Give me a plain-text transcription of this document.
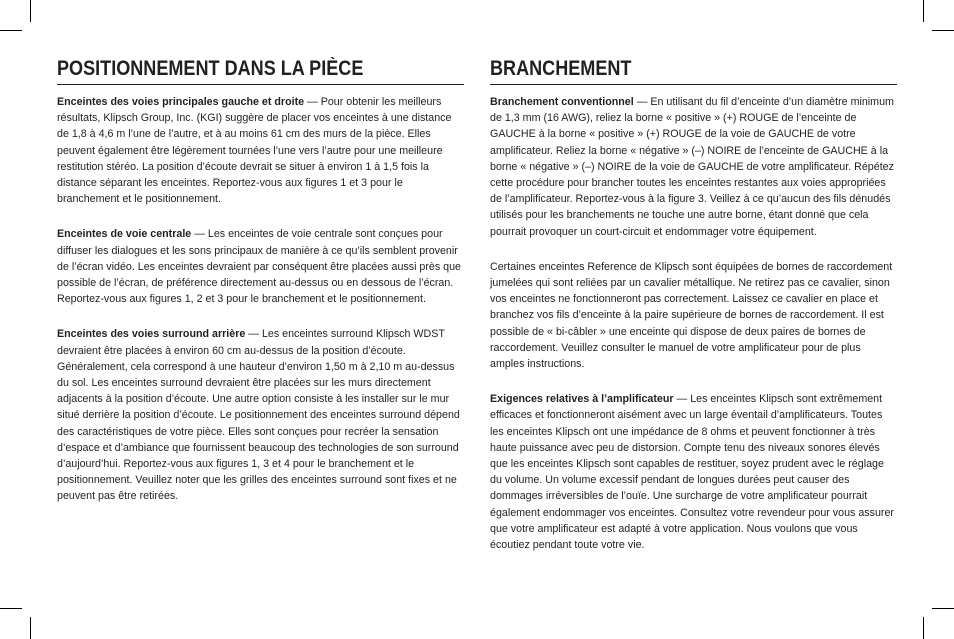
POSITIONNEMENT DANS LA PIÈCE

Enceintes des voies principales gauche et droite — Pour obtenir les meilleurs résultats, Klipsch Group, Inc. (KGI) suggère de placer vos enceintes à une distance de 1,8 à 4,6 m l’une de l’autre, et à au moins 61 cm des murs de la pièce. Elles peuvent également être légèrement tournées l’une vers l’autre pour une meilleure restitution stéréo. La position d’écoute devrait se situer à environ 1 à 1,5 fois la distance séparant les enceintes. Reportez-vous aux figures 1 et 3 pour le branchement et le positionnement.

Enceintes de voie centrale — Les enceintes de voie centrale sont conçues pour diffuser les dialogues et les sons principaux de manière à ce qu’ils semblent provenir de l’écran vidéo. Les enceintes devraient par conséquent être placées aussi près que possible de l’écran, de préférence directement au-dessus ou en dessous de l’écran. Reportez-vous aux figures 1, 2 et 3 pour le branchement et le positionnement.

Enceintes des voies surround arrière — Les enceintes surround Klipsch WDST devraient être placées à environ 60 cm au-dessus de la position d’écoute. Généralement, cela correspond à une hauteur d’environ 1,50 m à 2,10 m au-dessus du sol. Les enceintes surround devraient être placées sur les murs directement adjacents à la position d’écoute. Une autre option consiste à les installer sur le mur situé derrière la position d’écoute. Le positionnement des enceintes surround dépend des caractéristiques de votre pièce. Elles sont conçues pour recréer la sensation d’espace et d’ambiance que fournissent beaucoup des technologies de son surround d’aujourd’hui. Reportez-vous aux figures 1, 3 et 4 pour le branchement et le positionnement. Veuillez noter que les grilles des enceintes surround sont fixes et ne peuvent pas être retirées.

BRANCHEMENT

Branchement conventionnel — En utilisant du fil d’enceinte d’un diamètre minimum de 1,3 mm (16 AWG), reliez la borne « positive » (+) ROUGE de l’enceinte de GAUCHE à la borne « positive » (+) ROUGE de la voie de GAUCHE de votre amplificateur. Reliez la borne « négative » (–) NOIRE de l’enceinte de GAUCHE à la borne « négative » (–) NOIRE de la voie de GAUCHE de votre amplificateur. Répétez cette procédure pour brancher toutes les enceintes restantes aux voies appropriées de l’amplificateur. Reportez-vous à la figure 3. Veillez à ce qu’aucun des fils dénudés utilisés pour les branchements ne touche une autre borne, étant donné que cela pourrait provoquer un court-circuit et endommager votre équipement.

Certaines enceintes Reference de Klipsch sont équipées de bornes de raccordement jumelées qui sont reliées par un cavalier métallique. Ne retirez pas ce cavalier, sinon vos enceintes ne fonctionneront pas correctement. Laissez ce cavalier en place et branchez vos fils d’enceinte à la paire supérieure de bornes de raccordement. Il est possible de « bi-câbler » une enceinte qui dispose de deux paires de bornes de raccordement. Veuillez consulter le manuel de votre amplificateur pour de plus amples instructions.

Exigences relatives à l’amplificateur — Les enceintes Klipsch sont extrêmement efficaces et fonctionneront aisément avec un large éventail d’amplificateurs. Toutes les enceintes Klipsch ont une impédance de 8 ohms et peuvent fonctionner à très haute puissance avec peu de distorsion. Compte tenu des niveaux sonores élevés que les enceintes Klipsch sont capables de restituer, soyez prudent avec le réglage du volume. Un volume excessif pendant de longues durées peut causer des dommages irréversibles de l’ouïe. Une surcharge de votre amplificateur pourrait également endommager vos enceintes. Consultez votre revendeur pour vous assurer que votre amplificateur est adapté à votre application. Nous voulons que vous écoutiez pendant toute votre vie.
